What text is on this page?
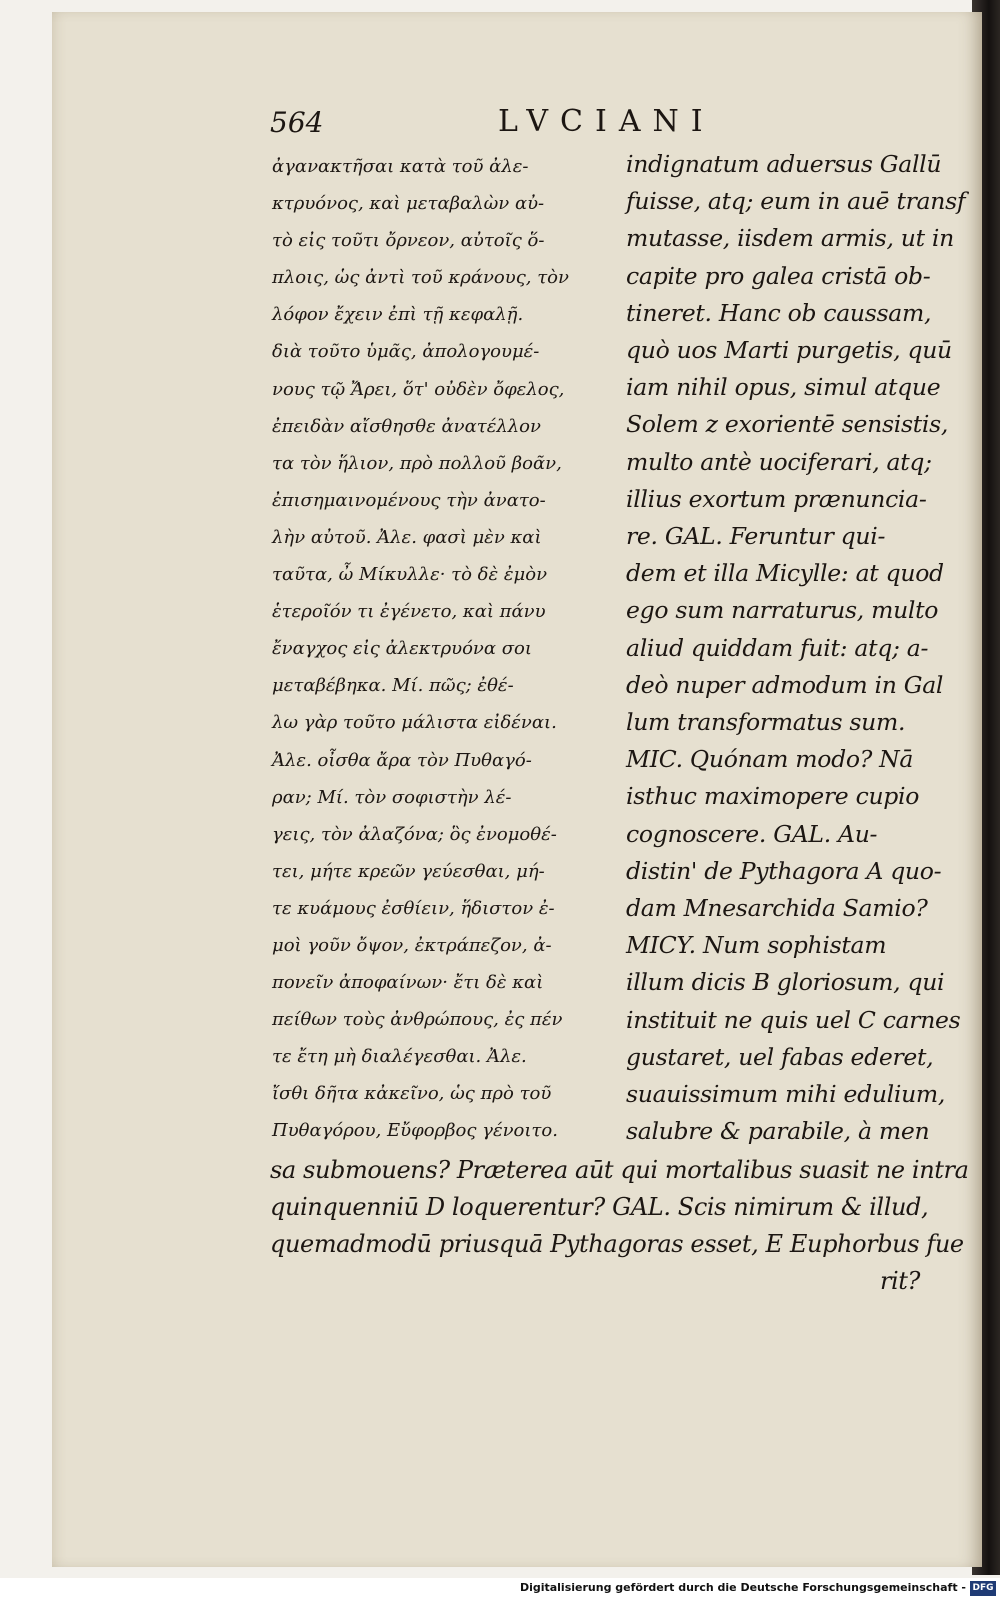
564	LVCIANI
ἀγανακτῆσαι κατὰ τοῦ ἀλε-
κτρυόνος, καὶ μεταβαλὼν αὐ-
τὸ εἰς τοῦτι ὄρνεον, αὐτοῖς ὅ-
πλοις, ὡς ἀντὶ τοῦ κράνους, τὸν
λόφον ἔχειν ἐπὶ τῇ κεφαλῇ.
διὰ τοῦτο ὑμᾶς, ἀπολογουμέ-
νους τῷ Ἄρει, ὅτ' οὐδὲν ὄφελος,
ἐπειδὰν αἴσθησθε ἀνατέλλον
τα τὸν ἥλιον, πρὸ πολλοῦ βοᾶν,
ἐπισημαινομένους τὴν ἀνατο-
λὴν αὐτοῦ. Ἀλε. φασὶ μὲν καὶ
ταῦτα, ὦ Μίκυλλε· τὸ δὲ ἐμὸν
ἑτεροῖόν τι ἐγένετο, καὶ πάνυ
ἔναγχος εἰς ἀλεκτρυόνα σοι
μεταβέβηκα. Μί. πῶς; ἐθέ-
λω γὰρ τοῦτο μάλιστα εἰδέναι.
Ἀλε. οἶσθα ἄρα τὸν Πυθαγό-
ραν; Μί. τὸν σοφιστὴν λέ-
γεις, τὸν ἀλαζόνα; ὃς ἐνομοθέ-
τει, μήτε κρεῶν γεύεσθαι, μή-
τε κυάμους ἐσθίειν, ἥδιστον ἐ-
μοὶ γοῦν ὄψον, ἐκτράπεζον, ἀ-
πονεῖν ἀποφαίνων· ἔτι δὲ καὶ
πείθων τοὺς ἀνθρώπους, ἐς πέν
τε ἔτη μὴ διαλέγεσθαι. Ἀλε.
ἴσθι δῆτα κἀκεῖνο, ὡς πρὸ τοῦ
Πυθαγόρου, Εὔφορβος γένοιτο.
indignatum aduersus Gallū
fuisse, atq; eum in auē transf
mutasse, iisdem armis, ut in
capite pro galea cristā ob-
tineret. Hanc ob caussam,
quò uos Marti purgetis, quū
iam nihil opus, simul atque
Solem z exorientē sensistis,
multo antè uociferari, atq;
illius exortum prænuncia-
re. GAL. Feruntur qui-
dem et illa Micylle: at quod
ego sum narraturus, multo
aliud quiddam fuit: atq; a-
deò nuper admodum in Gal
lum transformatus sum.
MIC. Quónam modo? Nā
isthuc maximopere cupio
cognoscere. GAL. Au-
distin' de Pythagora A quo-
dam Mnesarchida Samio?
MICY. Num sophistam
illum dicis B gloriosum, qui
instituit ne quis uel C carnes
gustaret, uel fabas ederet,
suauissimum mihi edulium,
salubre & parabile, à men
sa submouens? Præterea aūt qui mortalibus suasit ne intra
quinquenniū D loquerentur? GAL. Scis nimirum & illud,
quemadmodū priusquā Pythagoras esset, E Euphorbus fue
rit?
Digitalisierung gefördert durch die Deutsche Forschungsgemeinschaft - DFG
